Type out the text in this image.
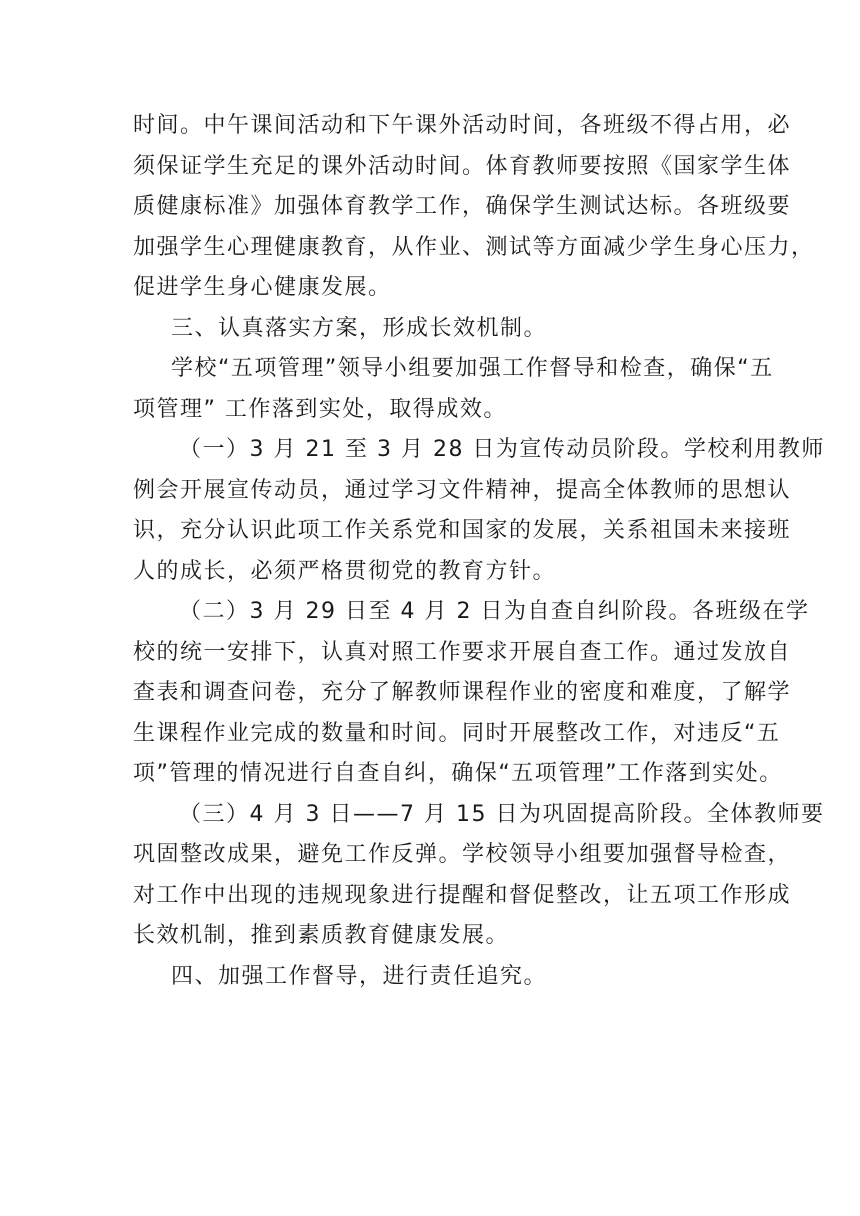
时间。中午课间活动和下午课外活动时间，各班级不得占用，必
须保证学生充足的课外活动时间。体育教师要按照《国家学生体
质健康标准》加强体育教学工作，确保学生测试达标。各班级要
加强学生心理健康教育，从作业、测试等方面减少学生身心压力，
促进学生身心健康发展。

三、认真落实方案，形成长效机制。

学校“五项管理”领导小组要加强工作督导和检查，确保“五
项管理” 工作落到实处，取得成效。

（一）3 月 21 至 3 月 28 日为宣传动员阶段。学校利用教师
例会开展宣传动员，通过学习文件精神，提高全体教师的思想认
识，充分认识此项工作关系党和国家的发展，关系祖国未来接班
人的成长，必须严格贯彻党的教育方针。

（二）3 月 29 日至 4 月 2 日为自查自纠阶段。各班级在学
校的统一安排下，认真对照工作要求开展自查工作。通过发放自
查表和调查问卷，充分了解教师课程作业的密度和难度，了解学
生课程作业完成的数量和时间。同时开展整改工作，对违反“五
项”管理的情况进行自查自纠，确保“五项管理”工作落到实处。

（三）4 月 3 日——7 月 15 日为巩固提高阶段。全体教师要
巩固整改成果，避免工作反弹。学校领导小组要加强督导检查，
对工作中出现的违规现象进行提醒和督促整改，让五项工作形成
长效机制，推到素质教育健康发展。

四、加强工作督导，进行责任追究。
